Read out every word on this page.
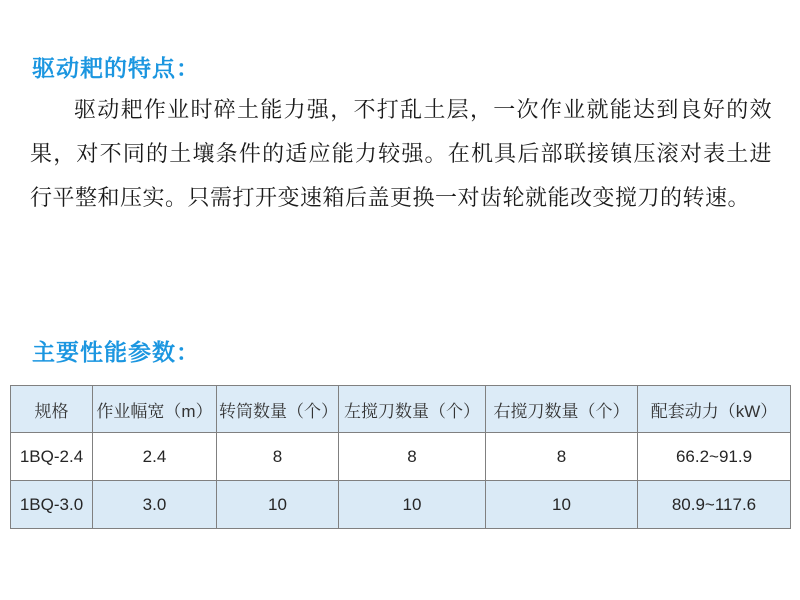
驱动耙的特点：
驱动耙作业时碎土能力强，不打乱土层，一次作业就能达到良好的效果，对不同的土壤条件的适应能力较强。在机具后部联接镇压滚对表土进行平整和压实。只需打开变速箱后盖更换一对齿轮就能改变搅刀的转速。
主要性能参数：
规格	作业幅宽（m）	转筒数量（个）	左搅刀数量（个）	右搅刀数量（个）	配套动力（kW）
1BQ-2.4	2.4	8	8	8	66.2~91.9
1BQ-3.0	3.0	10	10	10	80.9~117.6
